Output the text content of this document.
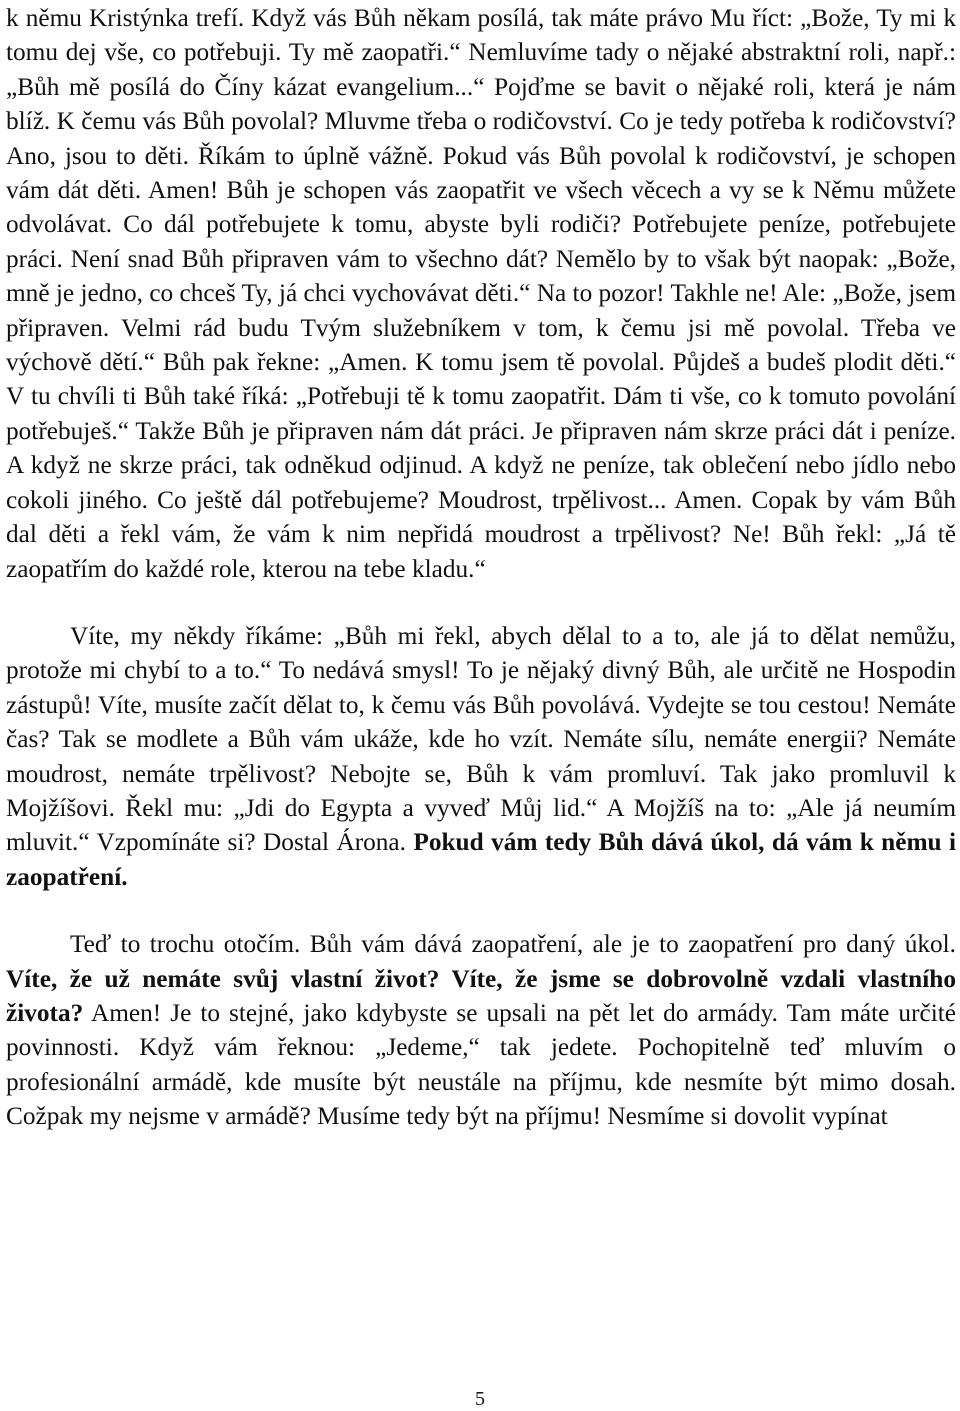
k němu Kristýnka trefí. Když vás Bůh někam posílá, tak máte právo Mu říct: „Bože, Ty mi k tomu dej vše, co potřebuji. Ty mě zaopatři.“ Nemluvíme tady o nějaké abstraktní roli, např.: „Bůh mě posílá do Číny kázat evangelium...“ Pojďme se bavit o nějaké roli, která je nám blíž. K čemu vás Bůh povolal? Mluvme třeba o rodičovství. Co je tedy potřeba k rodičovství? Ano, jsou to děti. Říkám to úplně vážně. Pokud vás Bůh povolal k rodičovství, je schopen vám dát děti. Amen! Bůh je schopen vás zaopatřit ve všech věcech a vy se k Němu můžete odvolávat. Co dál potřebujete k tomu, abyste byli rodiči? Potřebujete peníze, potřebujete práci. Není snad Bůh připraven vám to všechno dát? Nemělo by to však být naopak: „Bože, mně je jedno, co chceš Ty, já chci vychovávat děti.“ Na to pozor! Takhle ne! Ale: „Bože, jsem připraven. Velmi rád budu Tvým služebníkem v tom, k čemu jsi mě povolal. Třeba ve výchově dětí.“ Bůh pak řekne: „Amen. K tomu jsem tě povolal. Půjdeš a budeš plodit děti.“ V tu chvíli ti Bůh také říká: „Potřebuji tě k tomu zaopatřit. Dám ti vše, co k tomuto povolání potřebuješ.“ Takže Bůh je připraven nám dát práci. Je připraven nám skrze práci dát i peníze. A když ne skrze práci, tak odněkud odjinud. A když ne peníze, tak oblečení nebo jídlo nebo cokoli jiného. Co ještě dál potřebujeme? Moudrost, trpělivost... Amen. Copak by vám Bůh dal děti a řekl vám, že vám k nim nepřidá moudrost a trpělivost? Ne! Bůh řekl: „Já tě zaopatřím do každé role, kterou na tebe kladu.“

Víte, my někdy říkáme: „Bůh mi řekl, abych dělal to a to, ale já to dělat nemůžu, protože mi chybí to a to.“ To nedává smysl! To je nějaký divný Bůh, ale určitě ne Hospodin zástupů! Víte, musíte začít dělat to, k čemu vás Bůh povolává. Vydejte se tou cestou! Nemáte čas? Tak se modlete a Bůh vám ukáže, kde ho vzít. Nemáte sílu, nemáte energii? Nemáte moudrost, nemáte trpělivost? Nebojte se, Bůh k vám promluví. Tak jako promluvil k Mojžíšovi. Řekl mu: „Jdi do Egypta a vyveď Můj lid.“ A Mojžíš na to: „Ale já neumím mluvit.“ Vzpomínáte si? Dostal Árona. Pokud vám tedy Bůh dává úkol, dá vám k němu i zaopatření.

Teď to trochu otočím. Bůh vám dává zaopatření, ale je to zaopatření pro daný úkol. Víte, že už nemáte svůj vlastní život? Víte, že jsme se dobrovolně vzdali vlastního života? Amen! Je to stejné, jako kdybyste se upsali na pět let do armády. Tam máte určité povinnosti. Když vám řeknou: „Jedeme,“ tak jedete. Pochopitelně teď mluvím o profesionální armádě, kde musíte být neustále na příjmu, kde nesmíte být mimo dosah. Cožpak my nejsme v armádě? Musíme tedy být na příjmu! Nesmíme si dovolit vypínat

5
